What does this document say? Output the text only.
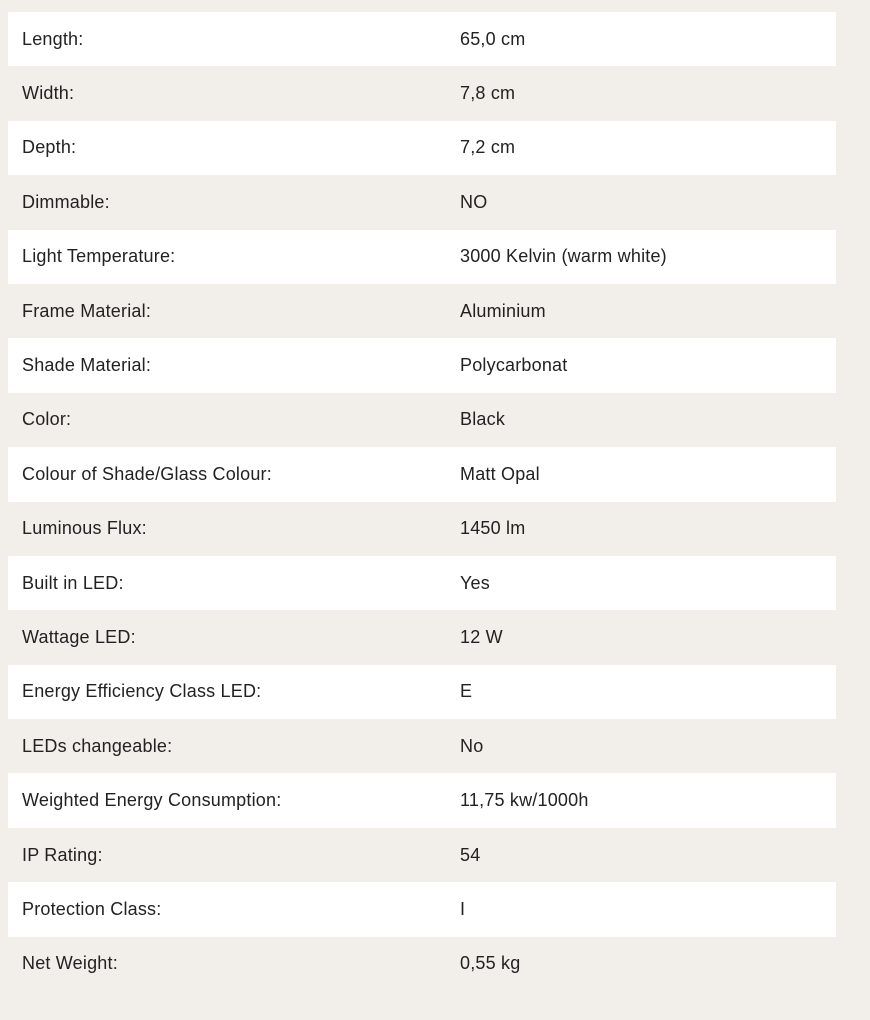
Length:	65,0 cm
Width:	7,8 cm
Depth:	7,2 cm
Dimmable:	NO
Light Temperature:	3000 Kelvin (warm white)
Frame Material:	Aluminium
Shade Material:	Polycarbonat
Color:	Black
Colour of Shade/Glass Colour:	Matt Opal
Luminous Flux:	1450 lm
Built in LED:	Yes
Wattage LED:	12 W
Energy Efficiency Class LED:	E
LEDs changeable:	No
Weighted Energy Consumption:	11,75 kw/1000h
IP Rating:	54
Protection Class:	I
Net Weight:	0,55 kg
